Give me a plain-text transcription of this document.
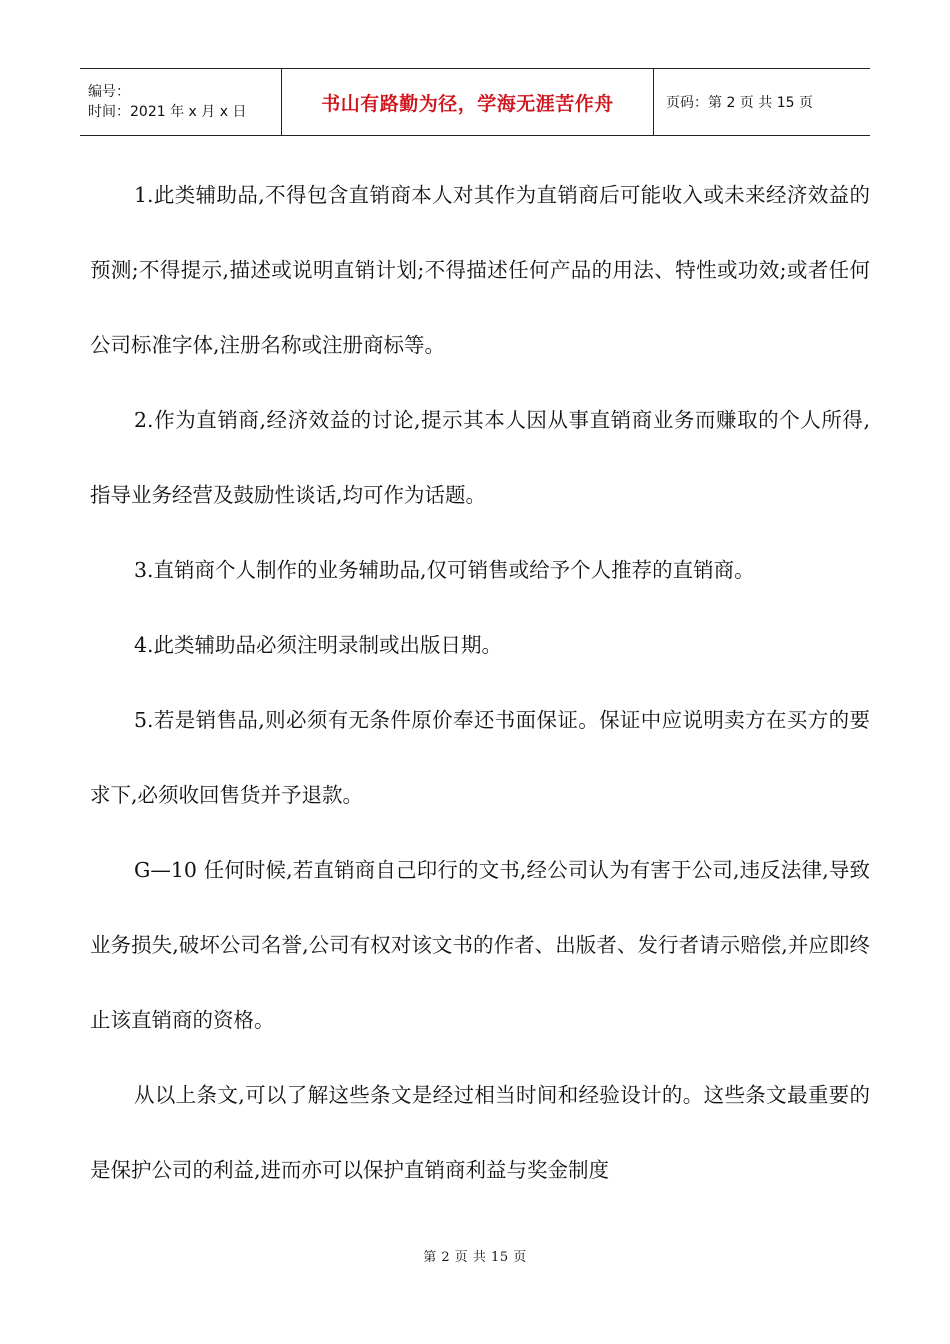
编号：
时间：2021 年 x 月 x 日	书山有路勤为径，学海无涯苦作舟	页码：第 2 页 共 15 页

1.此类辅助品,不得包含直销商本人对其作为直销商后可能收入或未来经济效益的预测;不得提示,描述或说明直销计划;不得描述任何产品的用法、特性或功效;或者任何公司标准字体,注册名称或注册商标等。

2.作为直销商,经济效益的讨论,提示其本人因从事直销商业务而赚取的个人所得,指导业务经营及鼓励性谈话,均可作为话题。

3.直销商个人制作的业务辅助品,仅可销售或给予个人推荐的直销商。

4.此类辅助品必须注明录制或出版日期。

5.若是销售品,则必须有无条件原价奉还书面保证。保证中应说明卖方在买方的要求下,必须收回售货并予退款。

G—10 任何时候,若直销商自己印行的文书,经公司认为有害于公司,违反法律,导致业务损失,破坏公司名誉,公司有权对该文书的作者、出版者、发行者请示赔偿,并应即终止该直销商的资格。

从以上条文,可以了解这些条文是经过相当时间和经验设计的。这些条文最重要的是保护公司的利益,进而亦可以保护直销商利益与奖金制度

第 2 页 共 15 页
